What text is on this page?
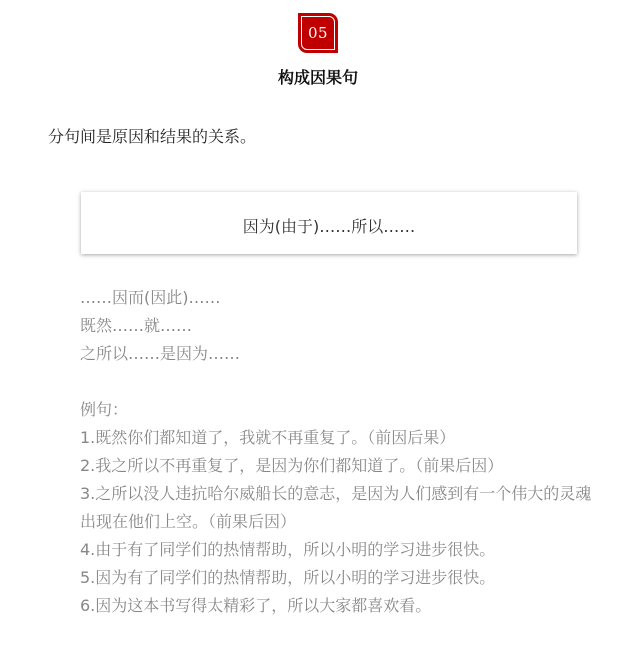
05
构成因果句
分句间是原因和结果的关系。
因为(由于)……所以……
……因而(因此)……
既然……就……
之所以……是因为……
例句：
1.既然你们都知道了，我就不再重复了。（前因后果）
2.我之所以不再重复了，是因为你们都知道了。（前果后因）
3.之所以没人违抗哈尔威船长的意志，是因为人们感到有一个伟大的灵魂出现在他们上空。（前果后因）
4.由于有了同学们的热情帮助，所以小明的学习进步很快。
5.因为有了同学们的热情帮助，所以小明的学习进步很快。
6.因为这本书写得太精彩了，所以大家都喜欢看。
